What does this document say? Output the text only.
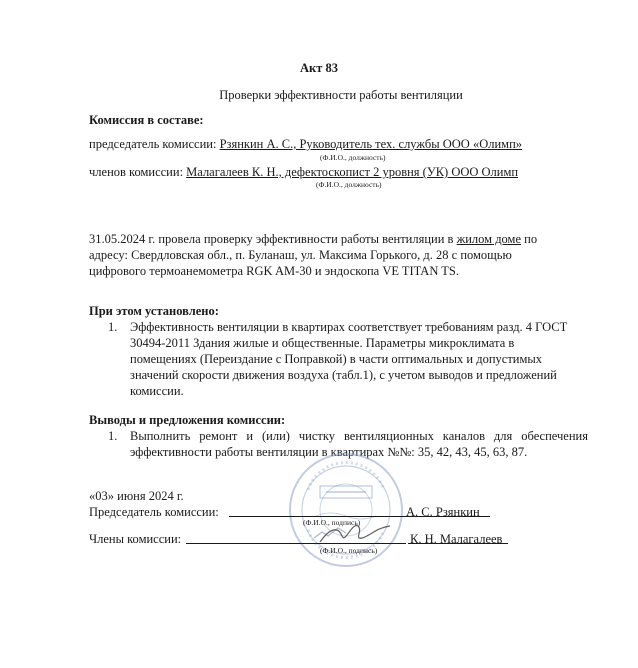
Акт 83
Проверки эффективности работы вентиляции
Комиссия в составе:
председатель комиссии: Рзянкин А. С., Руководитель тех. службы ООО «Олимп»
(Ф.И.О., должность)
членов комиссии: Малагалеев К. Н., дефектоскопист 2 уровня (УК) ООО Олимп
(Ф.И.О., должность)
31.05.2024 г. провела проверку эффективности работы вентиляции в жилом доме по
адресу: Свердловская обл., п. Буланаш, ул. Максима Горького, д. 28 с помощью
цифрового термоанемометра RGK AM-30 и эндоскопа VE TITAN TS.
При этом установлено:
1. Эффективность вентиляции в квартирах соответствует требованиям разд. 4 ГОСТ
30494-2011 Здания жилые и общественные. Параметры микроклимата в
помещениях (Переиздание с Поправкой) в части оптимальных и допустимых
значений скорости движения воздуха (табл.1), с учетом выводов и предложений
комиссии.
Выводы и предложения комиссии:
1. Выполнить ремонт и (или) чистку вентиляционных каналов для обеспечения
эффективности работы вентиляции в квартирах №№: 35, 42, 43, 45, 63, 87.
«03» июня 2024 г.
Председатель комиссии:	А. С. Рзянкин
(Ф.И.О., подпись)
Члены комиссии:	К. Н. Малагалеев
(Ф.И.О., подпись)
